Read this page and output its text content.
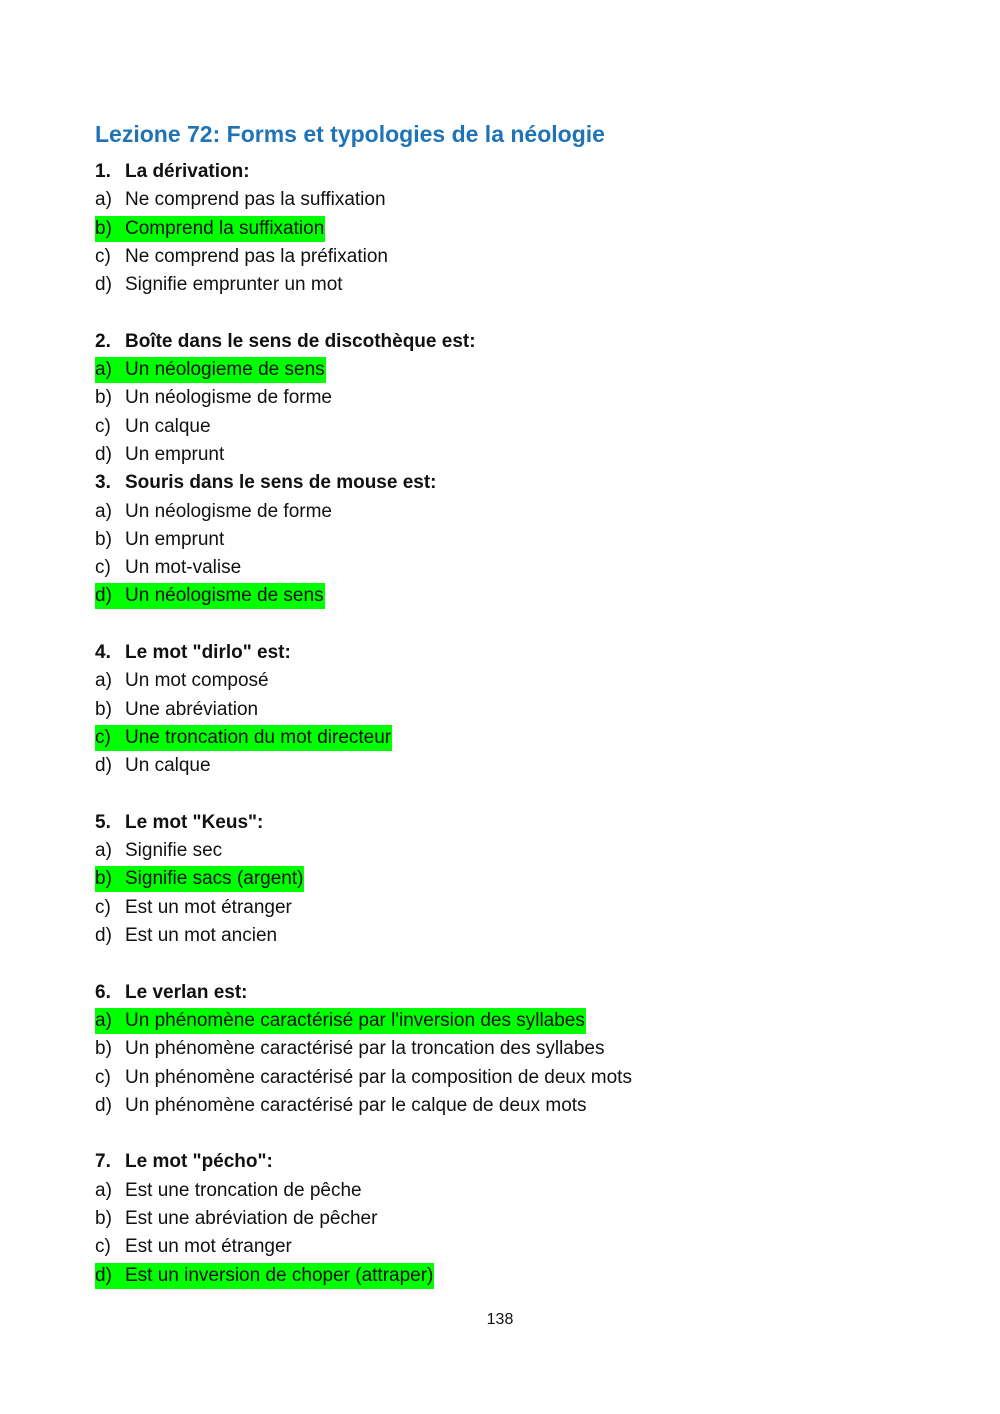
Lezione 72: Forms et typologies de la néologie
1. La dérivation:
a) Ne comprend pas la suffixation
b) Comprend la suffixation
c) Ne comprend pas la préfixation
d) Signifie emprunter un mot
2. Boîte dans le sens de discothèque est:
a) Un néologieme de sens
b) Un néologisme de forme
c) Un calque
d) Un emprunt
3. Souris dans le sens de mouse est:
a) Un néologisme de forme
b) Un emprunt
c) Un mot-valise
d) Un néologisme de sens
4. Le mot "dirlo" est:
a) Un mot composé
b) Une abréviation
c) Une troncation du mot directeur
d) Un calque
5. Le mot "Keus":
a) Signifie sec
b) Signifie sacs (argent)
c) Est un mot étranger
d) Est un mot ancien
6. Le verlan est:
a) Un phénomène caractérisé par l'inversion des syllabes
b) Un phénomène caractérisé par la troncation des syllabes
c) Un phénomène caractérisé par la composition de deux mots
d) Un phénomène caractérisé par le calque de deux mots
7. Le mot "pécho":
a) Est une troncation de pêche
b) Est une abréviation de pêcher
c) Est un mot étranger
d) Est un inversion de choper (attraper)
138
